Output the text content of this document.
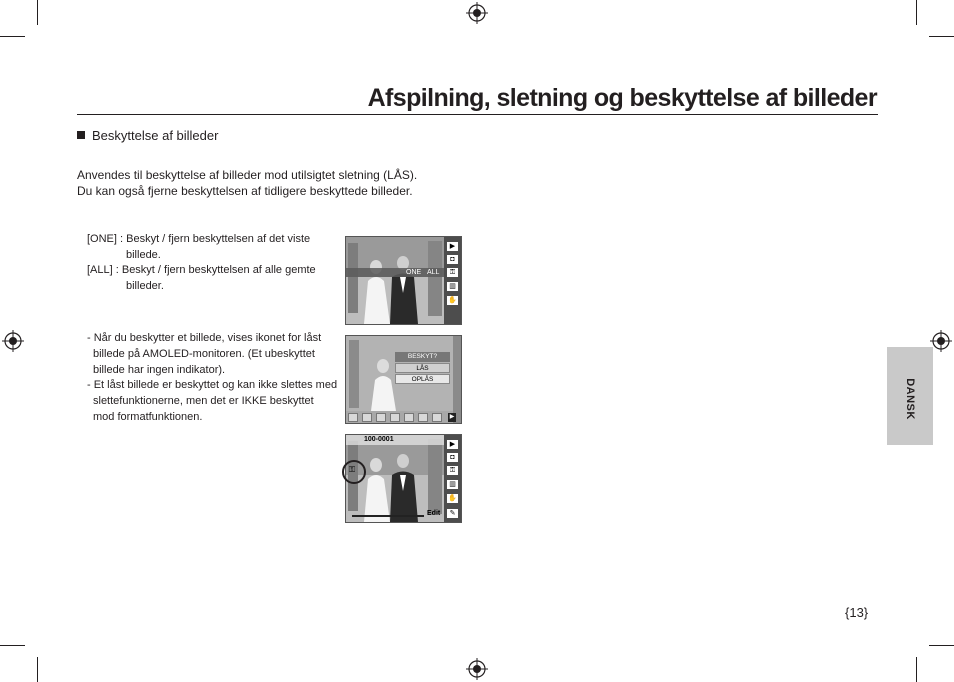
Afspilning, sletning og beskyttelse af billeder
Beskyttelse af billeder
Anvendes til beskyttelse af billeder mod utilsigtet sletning (LÅS).
Du kan også fjerne beskyttelsen af tidligere beskyttede billeder.
[ONE] : Beskyt / fjern beskyttelsen af det viste
billede.
[ALL] : Beskyt / fjern beskyttelsen af alle gemte
billeder.
- Når du beskytter et billede, vises ikonet for låst
billede på AMOLED-monitoren. (Et ubeskyttet
billede har ingen indikator).
- Et låst billede er beskyttet og kan ikke slettes med
slettefunktionerne, men det er IKKE beskyttet
mod formatfunktionen.
ONE ALL
▶
◘
⚿
▥
✋
▶
BESKYT?
LÅS
OPLÅS
100-0001
⚿
Edit
▶
◘
⚿
▥
✋
✎
DANSK
{13}
